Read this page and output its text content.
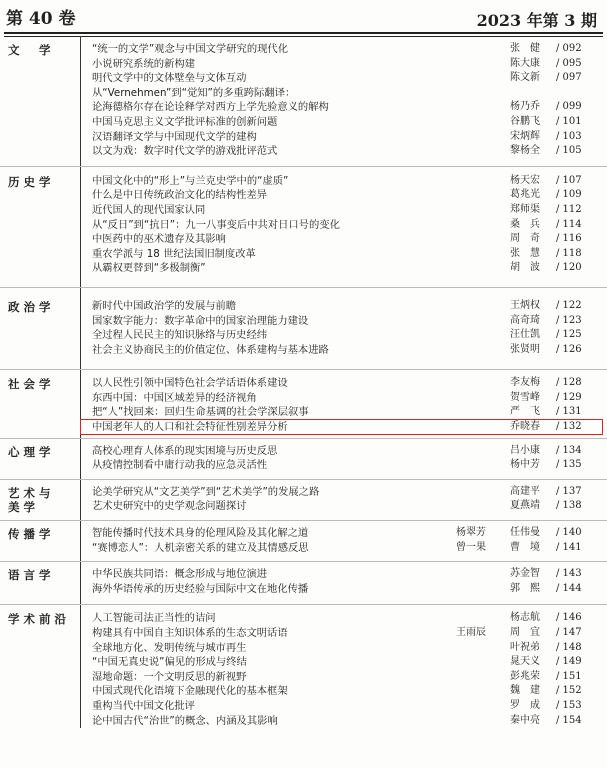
第 40 卷	2023 年第 3 期
文　学	“统一的文学”观念与中国文学研究的现代化	张　健 / 092
小说研究系统的新构建	陈大康 / 095
明代文学中的文体壁垒与文体互动	陈文新 / 097
从“Vernehmen”到“觉知”的多重跨际翻译：
论海德格尔存在论诠释学对西方上学先验意义的解构	杨乃乔 / 099
中国马克思主义文学批评标准的创新问题	谷鹏飞 / 101
汉语翻译文学与中国现代文学的建构	宋炳辉 / 103
以文为戏：数字时代文学的游戏批评范式	黎杨全 / 105
历史学	中国文化中的“形上”与兰克史学中的“虚质”	杨天宏 / 107
什么是中日传统政治文化的结构性差异	葛兆光 / 109
近代国人的现代国家认同	郑师渠 / 112
从“反日”到“抗日”：九一八事变后中共对日口号的变化	桑　兵 / 114
中医药中的巫术遗存及其影响	周　奇 / 116
重农学派与 18 世纪法国旧制度改革	张　慧 / 118
从霸权更替到“多极制衡”	胡　波 / 120
政治学	新时代中国政治学的发展与前瞻	王炳权 / 122
国家数字能力：数字革命中的国家治理能力建设	高奇琦 / 123
全过程人民民主的知识脉络与历史经纬	汪仕凯 / 125
社会主义协商民主的价值定位、体系建构与基本进路	张贤明 / 126
社会学	以人民性引领中国特色社会学话语体系建设	李友梅 / 128
东西中国：中国区域差异的经济视角	贺雪峰 / 129
把“人”找回来：回归生命基调的社会学深层叙事	严　飞 / 131
中国老年人的人口和社会特征性别差异分析	乔晓春 / 132
心理学	高校心理育人体系的现实困境与历史反思	吕小康 / 134
从疫情控制看中庸行动我的应急灵活性	杨中芳 / 135
艺术与 美学
论美学研究从“文艺美学”到“艺术美学”的发展之路	高建平 / 137
艺术史研究中的史学观念问题探讨	夏燕靖 / 138
传播学	智能传播时代技术具身的伦理风险及其化解之道	杨翠芳 任伟曼 / 140
“赛博恋人”：人机亲密关系的建立及其情感反思	曾一果 曹　境 / 141
语言学	中华民族共同语：概念形成与地位演进	苏金智 / 143
海外华语传承的历史经验与国际中文在地化传播	郭　熙 / 144
学术前沿	人工智能司法正当性的诘问	杨志航 / 146
构建具有中国自主知识体系的生态文明话语	王雨辰 周　宜 / 147
全球地方化、发明传统与城市再生	叶祝弟 / 148
“中国无真史说”偏见的形成与终结	晁天义 / 149
湿地命题：一个文明反思的新视野	彭兆荣 / 151
中国式现代化语境下金融现代化的基本框架	魏　建 / 152
重构当代中国文化批评	罗　成 / 153
论中国古代“治世”的概念、内涵及其影响	秦中亮 / 154
